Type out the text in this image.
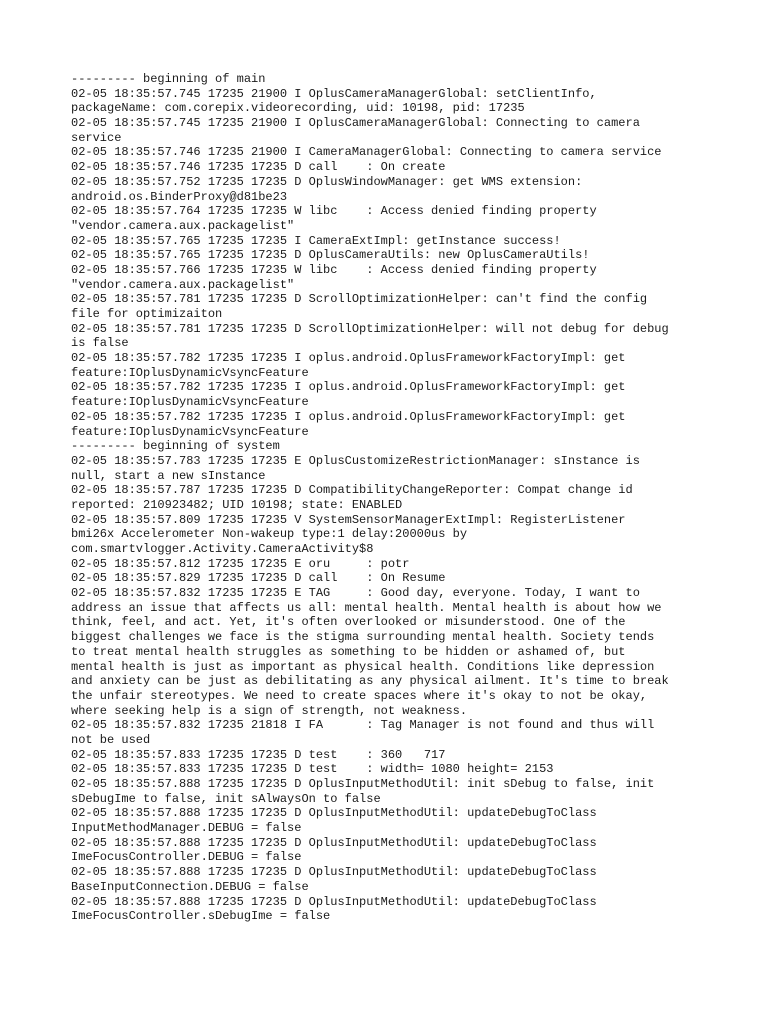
--------- beginning of main
02-05 18:35:57.745 17235 21900 I OplusCameraManagerGlobal: setClientInfo,
packageName: com.corepix.videorecording, uid: 10198, pid: 17235
02-05 18:35:57.745 17235 21900 I OplusCameraManagerGlobal: Connecting to camera
service
02-05 18:35:57.746 17235 21900 I CameraManagerGlobal: Connecting to camera service
02-05 18:35:57.746 17235 17235 D call    : On create
02-05 18:35:57.752 17235 17235 D OplusWindowManager: get WMS extension:
android.os.BinderProxy@d81be23
02-05 18:35:57.764 17235 17235 W libc    : Access denied finding property
"vendor.camera.aux.packagelist"
02-05 18:35:57.765 17235 17235 I CameraExtImpl: getInstance success!
02-05 18:35:57.765 17235 17235 D OplusCameraUtils: new OplusCameraUtils!
02-05 18:35:57.766 17235 17235 W libc    : Access denied finding property
"vendor.camera.aux.packagelist"
02-05 18:35:57.781 17235 17235 D ScrollOptimizationHelper: can't find the config
file for optimizaiton
02-05 18:35:57.781 17235 17235 D ScrollOptimizationHelper: will not debug for debug
is false
02-05 18:35:57.782 17235 17235 I oplus.android.OplusFrameworkFactoryImpl: get
feature:IOplusDynamicVsyncFeature
02-05 18:35:57.782 17235 17235 I oplus.android.OplusFrameworkFactoryImpl: get
feature:IOplusDynamicVsyncFeature
02-05 18:35:57.782 17235 17235 I oplus.android.OplusFrameworkFactoryImpl: get
feature:IOplusDynamicVsyncFeature
--------- beginning of system
02-05 18:35:57.783 17235 17235 E OplusCustomizeRestrictionManager: sInstance is
null, start a new sInstance
02-05 18:35:57.787 17235 17235 D CompatibilityChangeReporter: Compat change id
reported: 210923482; UID 10198; state: ENABLED
02-05 18:35:57.809 17235 17235 V SystemSensorManagerExtImpl: RegisterListener
bmi26x Accelerometer Non-wakeup type:1 delay:20000us by
com.smartvlogger.Activity.CameraActivity$8
02-05 18:35:57.812 17235 17235 E oru     : potr
02-05 18:35:57.829 17235 17235 D call    : On Resume
02-05 18:35:57.832 17235 17235 E TAG     : Good day, everyone. Today, I want to
address an issue that affects us all: mental health. Mental health is about how we
think, feel, and act. Yet, it's often overlooked or misunderstood. One of the
biggest challenges we face is the stigma surrounding mental health. Society tends
to treat mental health struggles as something to be hidden or ashamed of, but
mental health is just as important as physical health. Conditions like depression
and anxiety can be just as debilitating as any physical ailment. It's time to break
the unfair stereotypes. We need to create spaces where it's okay to not be okay,
where seeking help is a sign of strength, not weakness.
02-05 18:35:57.832 17235 21818 I FA      : Tag Manager is not found and thus will
not be used
02-05 18:35:57.833 17235 17235 D test    : 360   717
02-05 18:35:57.833 17235 17235 D test    : width= 1080 height= 2153
02-05 18:35:57.888 17235 17235 D OplusInputMethodUtil: init sDebug to false, init
sDebugIme to false, init sAlwaysOn to false
02-05 18:35:57.888 17235 17235 D OplusInputMethodUtil: updateDebugToClass
InputMethodManager.DEBUG = false
02-05 18:35:57.888 17235 17235 D OplusInputMethodUtil: updateDebugToClass
ImeFocusController.DEBUG = false
02-05 18:35:57.888 17235 17235 D OplusInputMethodUtil: updateDebugToClass
BaseInputConnection.DEBUG = false
02-05 18:35:57.888 17235 17235 D OplusInputMethodUtil: updateDebugToClass
ImeFocusController.sDebugIme = false
